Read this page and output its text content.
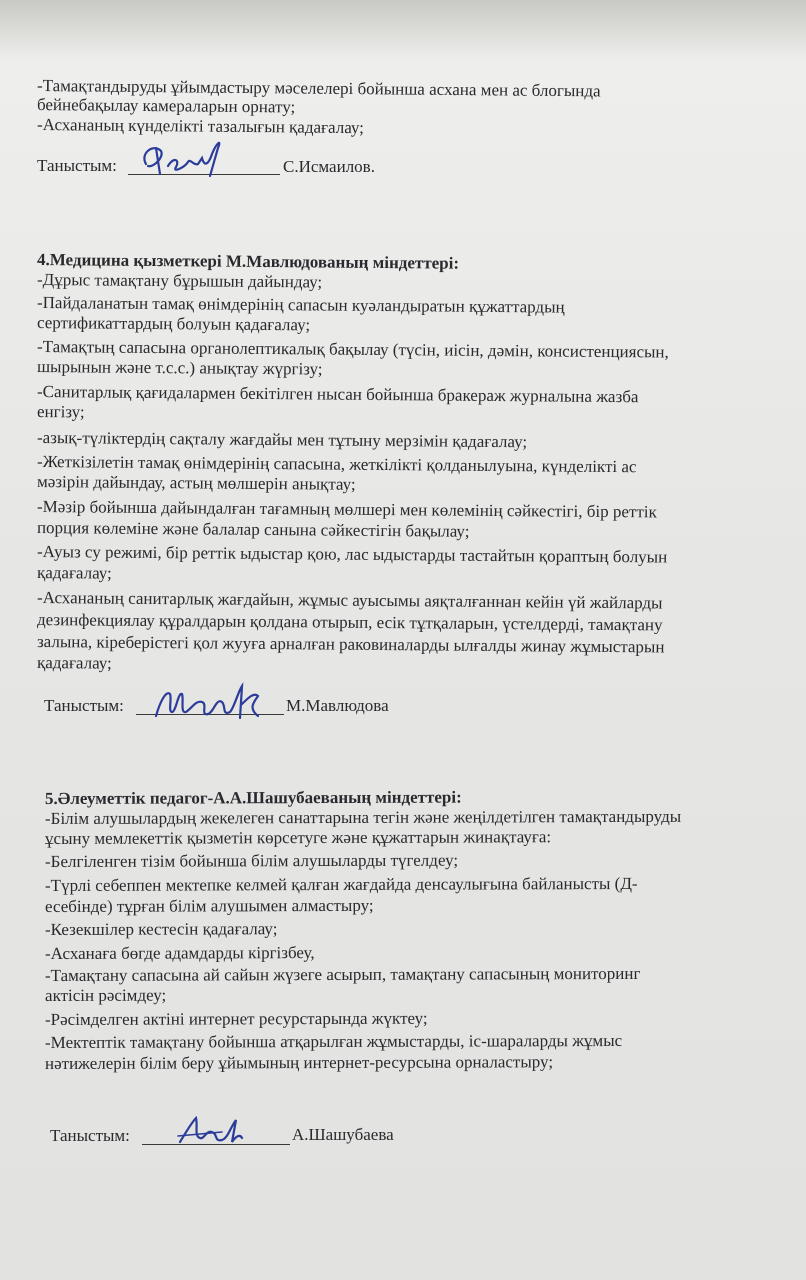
-Тамақтандыруды ұйымдастыру мәселелері бойынша асхана мен ас блогында
бейнебақылау камераларын орнату;
-Асхананың күнделікті тазалығын қадағалау;
Таныстым:	С.Исмаилов.
4.Медицина қызметкері М.Мавлюдованың міндеттері:
-Дұрыс тамақтану бұрышын дайындау;
-Пайдаланатын тамақ өнімдерінің сапасын куәландыратын құжаттардың
сертификаттардың болуын қадағалау;
-Тамақтың сапасына органолептикалық бақылау (түсін, иісін, дәмін, консистенциясын,
шырынын және т.с.с.) анықтау жүргізу;
-Санитарлық қағидалармен бекітілген нысан бойынша бракераж журналына жазба
енгізу;
-азық-түліктердің сақталу жағдайы мен тұтыну мерзімін қадағалау;
-Жеткізілетін тамақ өнімдерінің сапасына, жеткілікті қолданылуына, күнделікті ас
мәзірін дайындау, астың мөлшерін анықтау;
-Мәзір бойынша дайындалған тағамның мөлшері мен көлемінің сәйкестігі, бір реттік
порция көлеміне және балалар санына сәйкестігін бақылау;
-Ауыз су режимі, бір реттік ыдыстар қою, лас ыдыстарды тастайтын қораптың болуын
қадағалау;
-Асхананың санитарлық жағдайын, жұмыс ауысымы аяқталғаннан кейін үй жайларды
дезинфекциялау құралдарын қолдана отырып, есік тұтқаларын, үстелдерді, тамақтану
залына, кіреберістегі қол жууға арналған раковиналарды ылғалды жинау жұмыстарын
қадағалау;
Таныстым:	М.Мавлюдова
5.Әлеуметтік педагог-А.А.Шашубаеваның міндеттері:
-Білім алушылардың жекелеген санаттарына тегін және жеңілдетілген тамақтандыруды
ұсыну мемлекеттік қызметін көрсетуге және құжаттарын жинақтауға:
-Белгіленген тізім бойынша білім алушыларды түгелдеу;
-Түрлі себеппен мектепке келмей қалған жағдайда денсаулығына байланысты (Д-
есебінде) тұрған білім алушымен алмастыру;
-Кезекшілер кестесін қадағалау;
-Асханаға бөгде адамдарды кіргізбеу,
-Тамақтану сапасына ай сайын жүзеге асырып, тамақтану сапасының мониторинг
актісін рәсімдеу;
-Рәсімделген актіні интернет ресурстарында жүктеу;
-Мектептік тамақтану бойынша атқарылған жұмыстарды, іс-шараларды жұмыс
нәтижелерін білім беру ұйымының интернет-ресурсына орналастыру;
Таныстым:	А.Шашубаева
